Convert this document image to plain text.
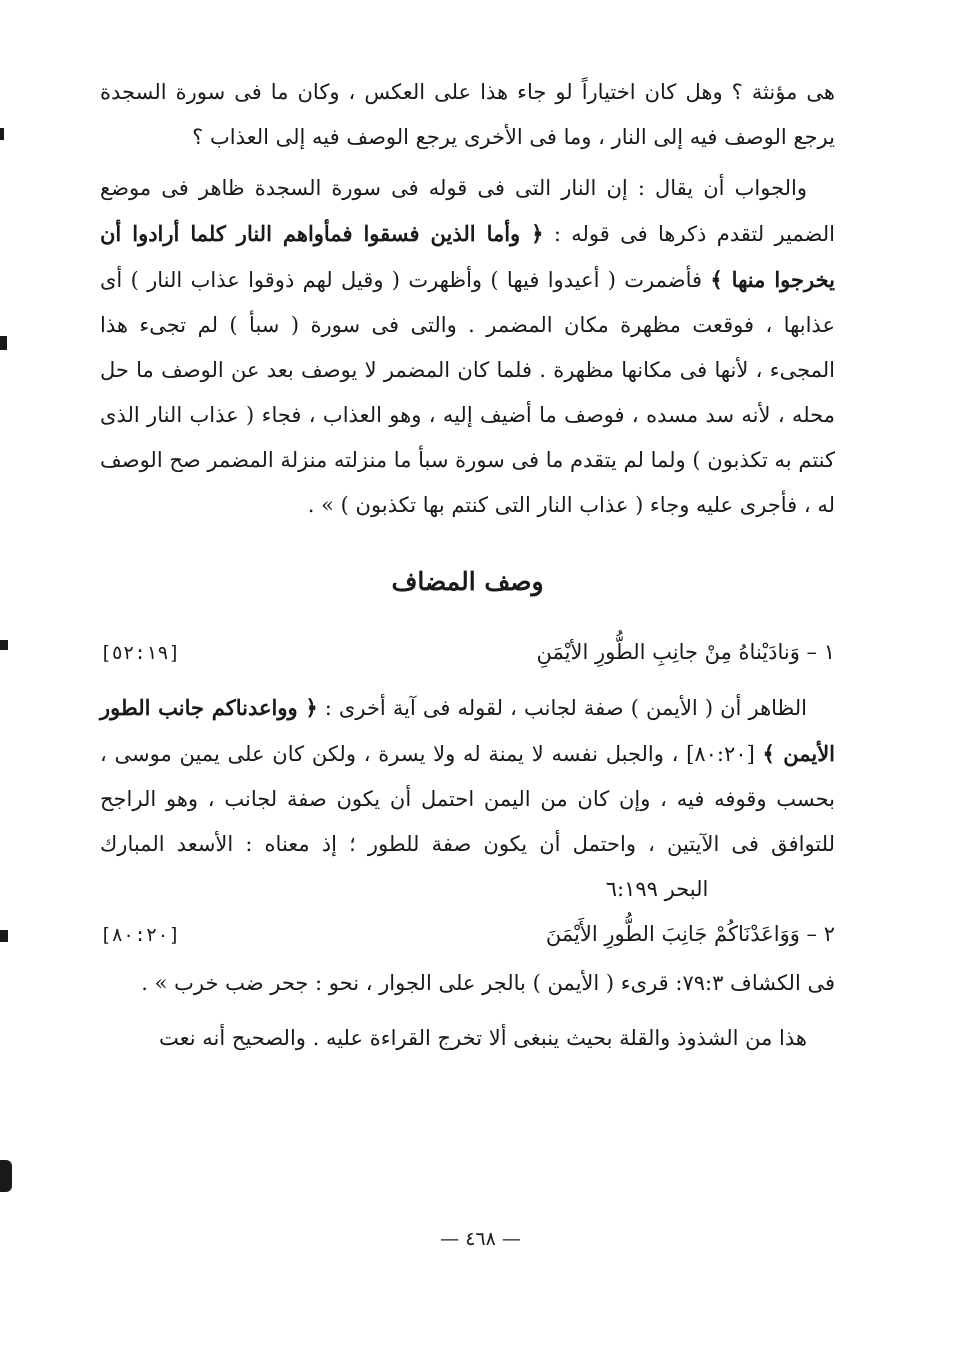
هى مؤنثة ؟ وهل كان اختياراً لو جاء هذا على العكس ، وكان ما فى سورة السجدة يرجع الوصف فيه إلى النار ، وما فى الأخرى يرجع الوصف فيه إلى العذاب ؟

والجواب أن يقال : إن النار التى فى قوله فى سورة السجدة ظاهر فى موضع الضمير لتقدم ذكرها فى قوله : ﴿ وأما الذين فسقوا فمأواهم النار كلما أرادوا أن يخرجوا منها ﴾ فأضمرت ( أعيدوا فيها ) وأظهرت ( وقيل لهم ذوقوا عذاب النار ) أى عذابها ، فوقعت مظهرة مكان المضمر . والتى فى سورة ( سبأ ) لم تجىء هذا المجىء ، لأنها فى مكانها مظهرة . فلما كان المضمر لا يوصف بعد عن الوصف ما حل محله ، لأنه سد مسده ، فوصف ما أضيف إليه ، وهو العذاب ، فجاء ( عذاب النار الذى كنتم به تكذبون ) ولما لم يتقدم ما فى سورة سبأ ما منزلته منزلة المضمر صح الوصف له ، فأجرى عليه وجاء ( عذاب النار التى كنتم بها تكذبون ) » .

وصف المضاف
١ – وَنادَيْناهُ مِنْ جانِبِ الطُّورِ الأيْمَنِ
[٥٢:١٩]

الظاهر أن ( الأيمن ) صفة لجانب ، لقوله فى آية أخرى : ﴿ وواعدناكم جانب الطور الأيمن ﴾ [٨٠:٢٠] ، والجبل نفسه لا يمنة له ولا يسرة ، ولكن كان على يمين موسى ، بحسب وقوفه فيه ، وإن كان من اليمن احتمل أن يكون صفة لجانب ، وهو الراجح للتوافق فى الآيتين ، واحتمل أن يكون صفة للطور ؛ إذ معناه : الأسعد المبارك  البحر ٦:١٩٩

٢ – وَوَاعَدْنَاكُمْ جَانِبَ الطُّورِ الأَيْمَنَ
[٨٠:٢٠]

فى الكشاف ٧٩:٣: قرىء ( الأيمن ) بالجر على الجوار ، نحو : جحر ضب خرب » .

هذا من الشذوذ والقلة بحيث ينبغى ألا تخرج القراءة عليه . والصحيح أنه نعت

— ٤٦٨ —
